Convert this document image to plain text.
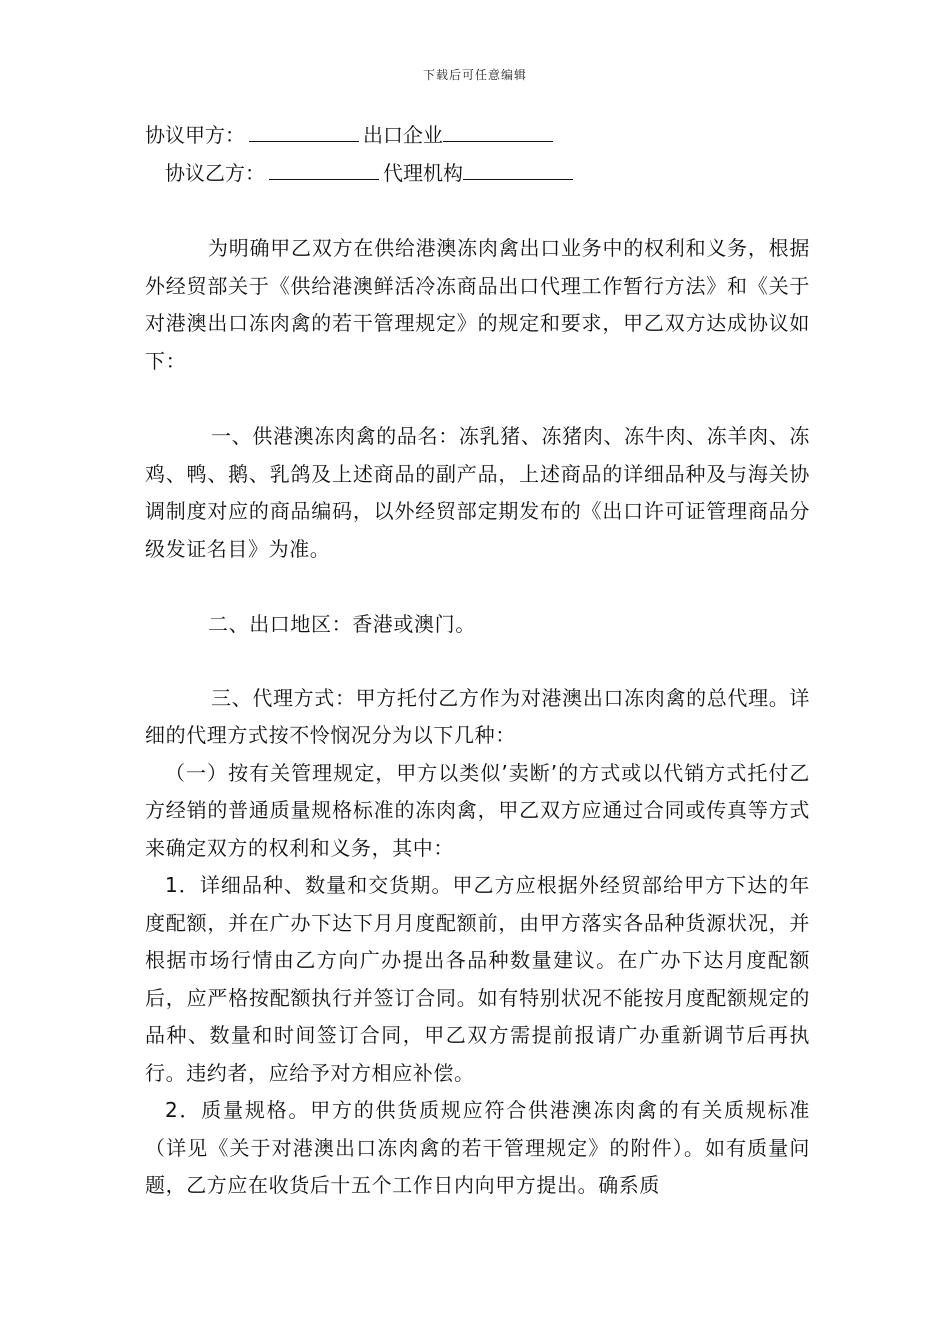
下载后可任意编辑
协议甲方：	出口企业
协议乙方：	代理机构

为明确甲乙双方在供给港澳冻肉禽出口业务中的权利和义务，根据外经贸部关于《供给港澳鲜活冷冻商品出口代理工作暂行方法》和《关于对港澳出口冻肉禽的若干管理规定》的规定和要求，甲乙双方达成协议如下：

一、供港澳冻肉禽的品名：冻乳猪、冻猪肉、冻牛肉、冻羊肉、冻鸡、鸭、鹅、乳鸽及上述商品的副产品，上述商品的详细品种及与海关协调制度对应的商品编码，以外经贸部定期发布的《出口许可证管理商品分级发证名目》为准。

二、出口地区：香港或澳门。

三、代理方式：甲方托付乙方作为对港澳出口冻肉禽的总代理。详细的代理方式按不怜悯况分为以下几种：

（一）按有关管理规定，甲方以类似’卖断’的方式或以代销方式托付乙方经销的普通质量规格标准的冻肉禽，甲乙双方应通过合同或传真等方式来确定双方的权利和义务，其中：

1．详细品种、数量和交货期。甲乙方应根据外经贸部给甲方下达的年度配额，并在广办下达下月月度配额前，由甲方落实各品种货源状况，并根据市场行情由乙方向广办提出各品种数量建议。在广办下达月度配额后，应严格按配额执行并签订合同。如有特别状况不能按月度配额规定的品种、数量和时间签订合同，甲乙双方需提前报请广办重新调节后再执行。违约者，应给予对方相应补偿。

2．质量规格。甲方的供货质规应符合供港澳冻肉禽的有关质规标准（详见《关于对港澳出口冻肉禽的若干管理规定》的附件）。如有质量问题，乙方应在收货后十五个工作日内向甲方提出。确系质
